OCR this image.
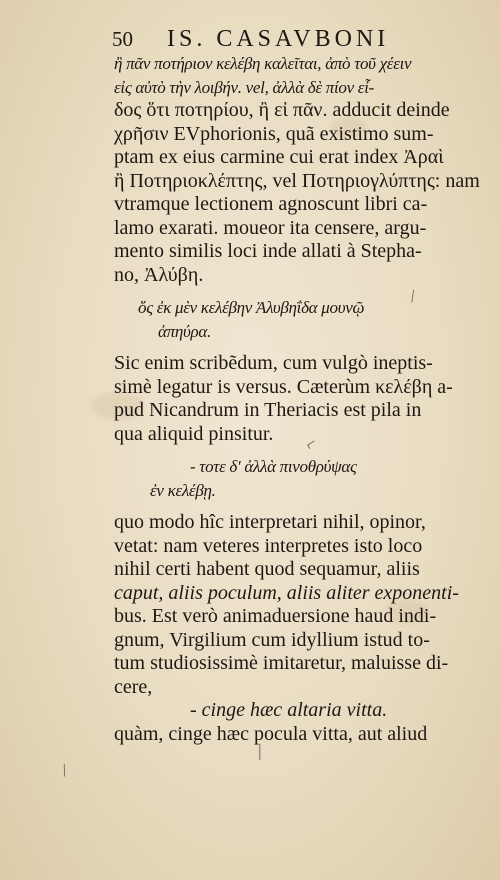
50 IS. CASAVBONI
ἢ πᾶν ποτήριον κελέβη καλεῖται, ἀπὸ τοῦ χέειν
εἰς αὐτὸ τὴν λοιβήν. vel, ἀλλὰ δὲ πίον εἶ-
δος ὅτι ποτηρίου, ἢ εἰ πᾶν. adducit deinde
χρῆσιν EVphorionis, quã existimo sum-
ptam ex eius carmine cui erat index Ἀραὶ
ἢ Ποτηριοκλέπτης, vel Ποτηριογλύπτης: nam
vtramque lectionem agnoscunt libri ca-
lamo exarati. moueor ita censere, argu-
mento similis loci inde allati à Stepha-
no, Ἀλύβη.
ὅς ἐκ μὲν κελέβην Ἀλυβηΐδα μουνῷ
ἀπηύρα.
Sic enim scribẽdum, cum vulgò ineptis-
simè legatur is versus. Cæterùm κελέβη a-
pud Nicandrum in Theriacis est pila in
qua aliquid pinsitur.
- τοτε δ' ἀλλὰ πινοθρύψας
ἐν κελέβῃ.
quo modo hîc interpretari nihil, opinor,
vetat: nam veteres interpretes isto loco
nihil certi habent quod sequamur, aliis
caput, aliis poculum, aliis aliter exponenti-
bus. Est verò animaduersione haud indi-
gnum, Virgilium cum idyllium istud to-
tum studiosissimè imitaretur, maluisse di-
cere,
- cinge hæc altaria vitta.
quàm, cinge hæc pocula vitta, aut aliud
\
⌐
|
/
